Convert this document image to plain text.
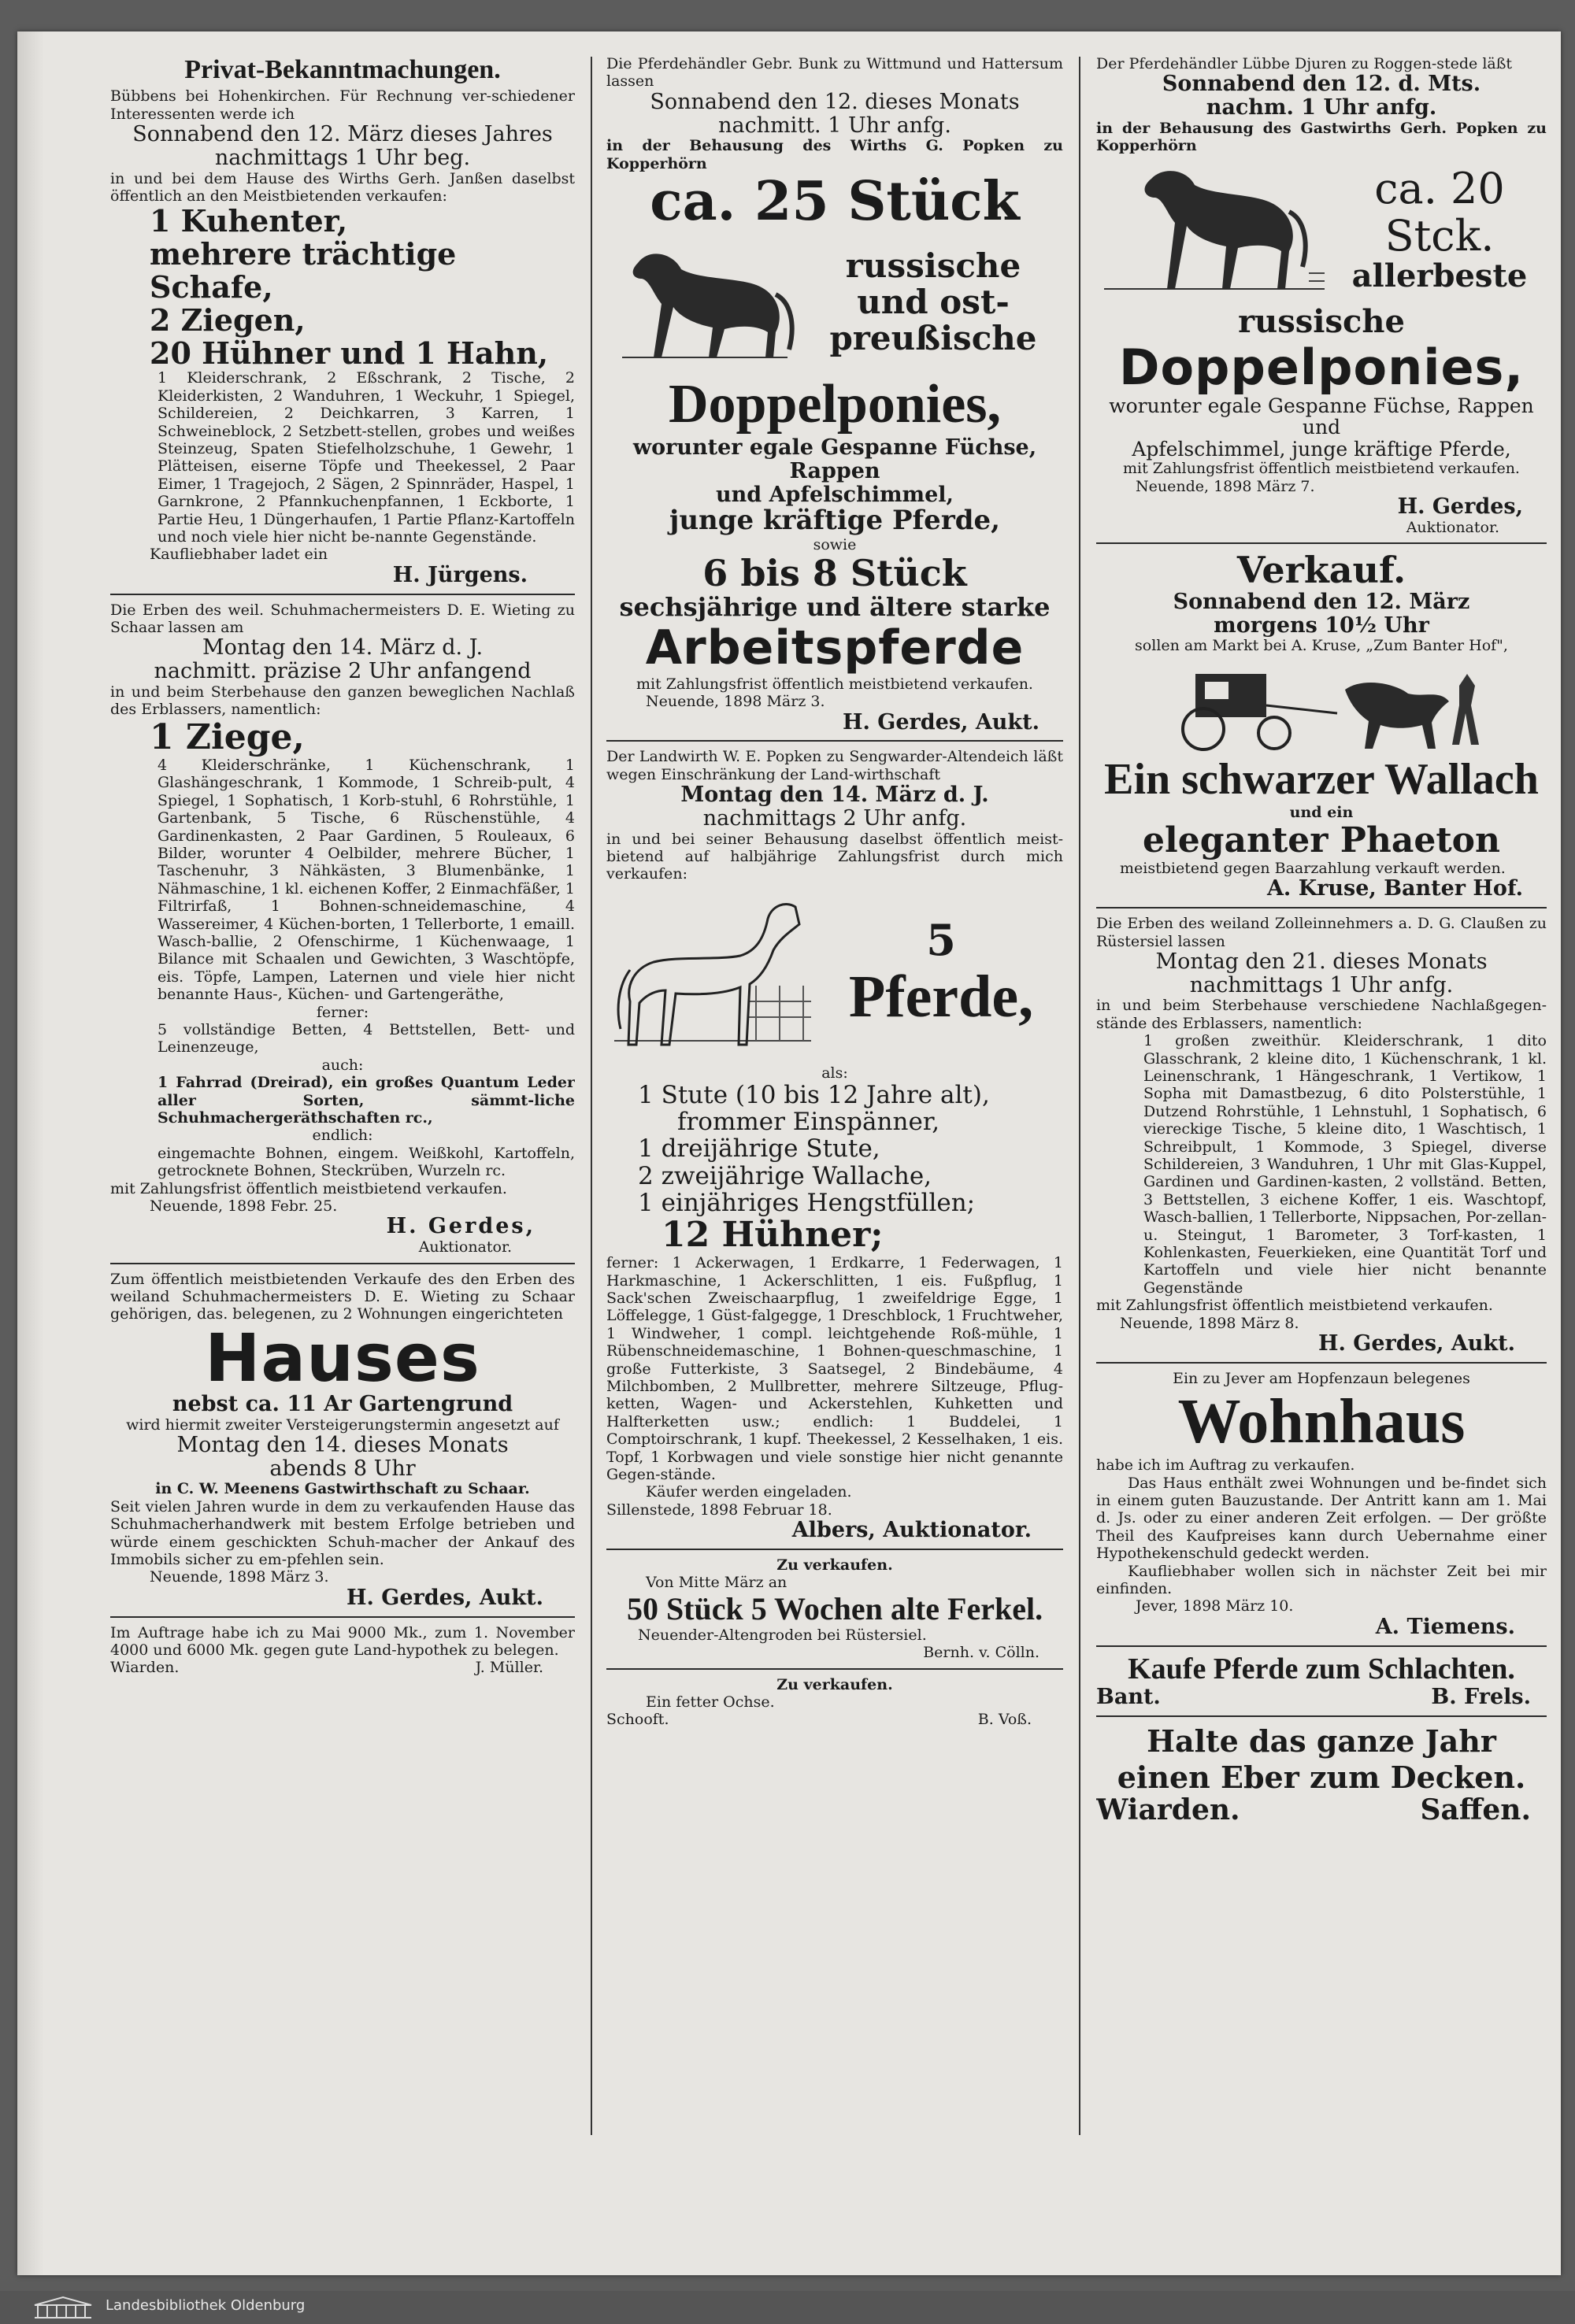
Privat-Bekanntmachungen.
Bübbens bei Hohenkirchen. Für Rechnung ver-schiedener Interessenten werde ich
Sonnabend den 12. März dieses Jahres
nachmittags 1 Uhr beg.
in und bei dem Hause des Wirths Gerh. Janßen daselbst öffentlich an den Meistbietenden verkaufen:
1 Kuhenter,
mehrere trächtige Schafe,
2 Ziegen,
20 Hühner und 1 Hahn,
1 Kleiderschrank, 2 Eßschrank, 2 Tische, 2 Kleiderkisten, 2 Wanduhren, 1 Weckuhr, 1 Spiegel, Schildereien, 2 Deichkarren, 3 Karren, 1 Schweineblock, 2 Setzbett-stellen, grobes und weißes Steinzeug, Spaten Stiefelholzschuhe, 1 Gewehr, 1 Plätteisen, eiserne Töpfe und Theekessel, 2 Paar Eimer, 1 Tragejoch, 2 Sägen, 2 Spinnräder, Haspel, 1 Garnkrone, 2 Pfannkuchenpfannen, 1 Eckborte, 1 Partie Heu, 1 Düngerhaufen, 1 Partie Pflanz-Kartoffeln und noch viele hier nicht be-nannte Gegenstände.
Kaufliebhaber ladet ein
H. Jürgens.
Die Erben des weil. Schuhmachermeisters D. E. Wieting zu Schaar lassen am
Montag den 14. März d. J.
nachmitt. präzise 2 Uhr anfangend
in und beim Sterbehause den ganzen beweglichen Nachlaß des Erblassers, namentlich:
1 Ziege,
4 Kleiderschränke, 1 Küchenschrank, 1 Glashängeschrank, 1 Kommode, 1 Schreib-pult, 4 Spiegel, 1 Sophatisch, 1 Korb-stuhl, 6 Rohrstühle, 1 Gartenbank, 5 Tische, 6 Rüschenstühle, 4 Gardinenkasten, 2 Paar Gardinen, 5 Rouleaux, 6 Bilder, worunter 4 Oelbilder, mehrere Bücher, 1 Taschenuhr, 3 Nähkästen, 3 Blumenbänke, 1 Nähmaschine, 1 kl. eichenen Koffer, 2 Einmachfäßer, 1 Filtrirfaß, 1 Bohnen-schneidemaschine, 4 Wassereimer, 4 Küchen-borten, 1 Tellerborte, 1 emaill. Wasch-ballie, 2 Ofenschirme, 1 Küchenwaage, 1 Bilance mit Schaalen und Gewichten, 3 Waschtöpfe, eis. Töpfe, Lampen, Laternen und viele hier nicht benannte Haus-, Küchen- und Gartengeräthe,
ferner:
5 vollständige Betten, 4 Bettstellen, Bett- und Leinenzeuge,
auch:
1 Fahrrad (Dreirad), ein großes Quantum Leder aller Sorten, sämmt-liche Schuhmachergeräthschaften rc.,
endlich:
eingemachte Bohnen, eingem. Weißkohl, Kartoffeln, getrocknete Bohnen, Steckrüben, Wurzeln rc.
mit Zahlungsfrist öffentlich meistbietend verkaufen.
Neuende, 1898 Febr. 25.
H. Gerdes,
Auktionator.
Zum öffentlich meistbietenden Verkaufe des den Erben des weiland Schuhmachermeisters D. E. Wieting zu Schaar gehörigen, das. belegenen, zu 2 Wohnungen eingerichteten
Hauses
nebst ca. 11 Ar Gartengrund
wird hiermit zweiter Versteigerungstermin angesetzt auf
Montag den 14. dieses Monats
abends 8 Uhr
in C. W. Meenens Gastwirthschaft zu Schaar.
Seit vielen Jahren wurde in dem zu verkaufenden Hause das Schuhmacherhandwerk mit bestem Erfolge betrieben und würde einem geschickten Schuh-macher der Ankauf des Immobils sicher zu em-pfehlen sein.
Neuende, 1898 März 3.
H. Gerdes, Aukt.
Im Auftrage habe ich zu Mai 9000 Mk., zum 1. November 4000 und 6000 Mk. gegen gute Land-hypothek zu belegen.
Wiarden.	J. Müller.
Die Pferdehändler Gebr. Bunk zu Wittmund und Hattersum lassen
Sonnabend den 12. dieses Monats
nachmitt. 1 Uhr anfg.
in der Behausung des Wirths G. Popken zu Kopperhörn
ca. 25 Stück
russische
und ost-
preußische
Doppelponies,
worunter egale Gespanne Füchse, Rappen
und Apfelschimmel,
junge kräftige Pferde,
sowie
6 bis 8 Stück
sechsjährige und ältere starke
Arbeitspferde
mit Zahlungsfrist öffentlich meistbietend verkaufen.
Neuende, 1898 März 3.
H. Gerdes, Aukt.
Der Landwirth W. E. Popken zu Sengwarder-Altendeich läßt wegen Einschränkung der Land-wirthschaft
Montag den 14. März d. J.
nachmittags 2 Uhr anfg.
in und bei seiner Behausung daselbst öffentlich meist-bietend auf halbjährige Zahlungsfrist durch mich verkaufen:
5
Pferde,
als:
1 Stute (10 bis 12 Jahre alt),
frommer Einspänner,
1 dreijährige Stute,
2 zweijährige Wallache,
1 einjähriges Hengstfüllen;
12 Hühner;
ferner: 1 Ackerwagen, 1 Erdkarre, 1 Federwagen, 1 Harkmaschine, 1 Ackerschlitten, 1 eis. Fußpflug, 1 Sack'schen Zweischaarpflug, 1 zweifeldrige Egge, 1 Löffelegge, 1 Güst-falgegge, 1 Dreschblock, 1 Fruchtweher, 1 Windweher, 1 compl. leichtgehende Roß-mühle, 1 Rübenschneidemaschine, 1 Bohnen-queschmaschine, 1 große Futterkiste, 3 Saatsegel, 2 Bindebäume, 4 Milchbomben, 2 Mullbretter, mehrere Siltzeuge, Pflug-ketten, Wagen- und Ackerstehlen, Kuhketten und Halfterketten usw.; endlich: 1 Buddelei, 1 Comptoirschrank, 1 kupf. Theekessel, 2 Kesselhaken, 1 eis. Topf, 1 Korbwagen und viele sonstige hier nicht genannte Gegen-stände.
Käufer werden eingeladen.
Sillenstede, 1898 Februar 18.
Albers, Auktionator.
Zu verkaufen.
Von Mitte März an
50 Stück 5 Wochen alte Ferkel.
Neuender-Altengroden bei Rüstersiel.
Bernh. v. Cölln.
Zu verkaufen.
Ein fetter Ochse.
Schooft.	B. Voß.
Der Pferdehändler Lübbe Djuren zu Roggen-stede läßt
Sonnabend den 12. d. Mts.
nachm. 1 Uhr anfg.
in der Behausung des Gastwirths Gerh. Popken zu Kopperhörn
ca. 20 Stck.
allerbeste
russische
Doppelponies,
worunter egale Gespanne Füchse, Rappen und
Apfelschimmel, junge kräftige Pferde,
mit Zahlungsfrist öffentlich meistbietend verkaufen.
Neuende, 1898 März 7.
H. Gerdes,
Auktionator.
Verkauf.
Sonnabend den 12. März
morgens 10½ Uhr
sollen am Markt bei A. Kruse, „Zum Banter Hof",
Ein schwarzer Wallach
und ein
eleganter Phaeton
meistbietend gegen Baarzahlung verkauft werden.
A. Kruse, Banter Hof.
Die Erben des weiland Zolleinnehmers a. D. G. Claußen zu Rüstersiel lassen
Montag den 21. dieses Monats
nachmittags 1 Uhr anfg.
in und beim Sterbehause verschiedene Nachlaßgegen-stände des Erblassers, namentlich:
1 großen zweithür. Kleiderschrank, 1 dito Glasschrank, 2 kleine dito, 1 Küchenschrank, 1 kl. Leinenschrank, 1 Hängeschrank, 1 Vertikow, 1 Sopha mit Damastbezug, 6 dito Polsterstühle, 1 Dutzend Rohrstühle, 1 Lehnstuhl, 1 Sophatisch, 6 viereckige Tische, 5 kleine dito, 1 Waschtisch, 1 Schreibpult, 1 Kommode, 3 Spiegel, diverse Schildereien, 3 Wanduhren, 1 Uhr mit Glas-Kuppel, Gardinen und Gardinen-kasten, 2 vollständ. Betten, 3 Bettstellen, 3 eichene Koffer, 1 eis. Waschtopf, Wasch-ballien, 1 Tellerborte, Nippsachen, Por-zellan- u. Steingut, 1 Barometer, 3 Torf-kasten, 1 Kohlenkasten, Feuerkieken, eine Quantität Torf und Kartoffeln und viele hier nicht benannte Gegenstände
mit Zahlungsfrist öffentlich meistbietend verkaufen.
Neuende, 1898 März 8.
H. Gerdes, Aukt.
Ein zu Jever am Hopfenzaun belegenes
Wohnhaus
habe ich im Auftrag zu verkaufen.
Das Haus enthält zwei Wohnungen und be-findet sich in einem guten Bauzustande. Der Antritt kann am 1. Mai d. Js. oder zu einer anderen Zeit erfolgen. — Der größte Theil des Kaufpreises kann durch Uebernahme einer Hypothekenschuld gedeckt werden.
Kaufliebhaber wollen sich in nächster Zeit bei mir einfinden.
Jever, 1898 März 10.
A. Tiemens.
Kaufe Pferde zum Schlachten.
Bant.	B. Frels.
Halte das ganze Jahr einen Eber zum Decken.
Wiarden.	Saffen.
Landesbibliothek Oldenburg
